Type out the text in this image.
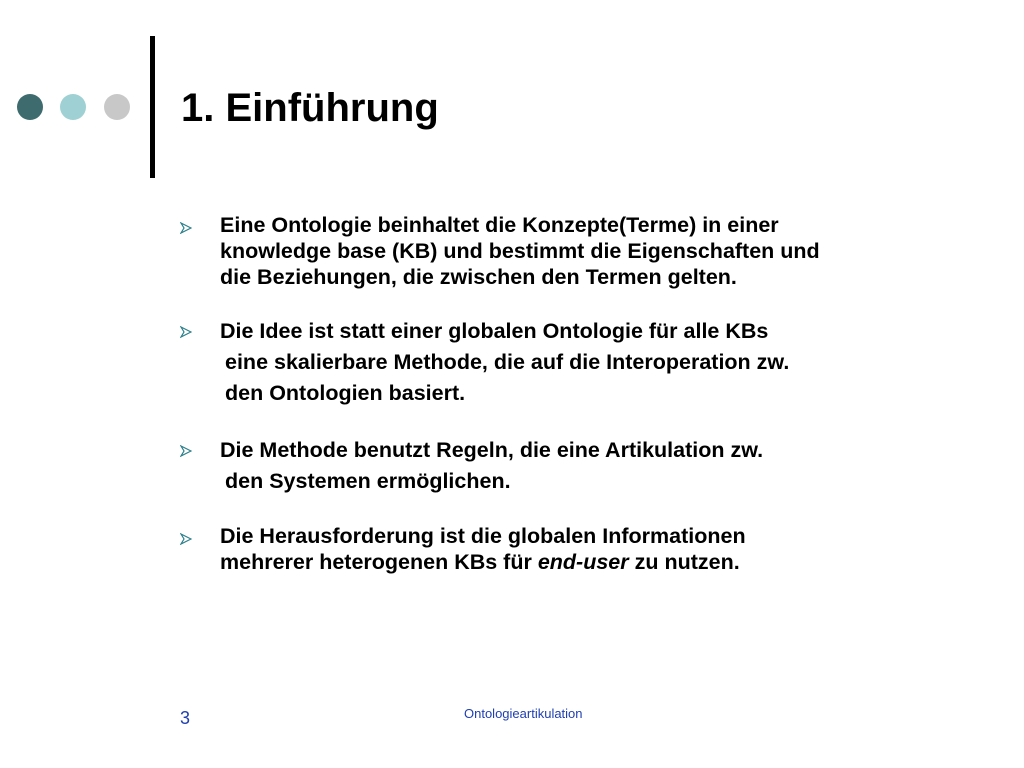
1. Einführung
Eine Ontologie beinhaltet die Konzepte(Terme) in einer
knowledge base (KB) und bestimmt die Eigenschaften und
die Beziehungen, die zwischen den Termen gelten.
Die Idee ist statt einer globalen Ontologie für alle KBs
eine skalierbare Methode, die auf die Interoperation zw.
den Ontologien basiert.
Die Methode benutzt Regeln, die eine Artikulation zw.
den Systemen ermöglichen.
Die Herausforderung ist die globalen Informationen
mehrerer heterogenen KBs für end-user zu nutzen.
3	Ontologieartikulation
